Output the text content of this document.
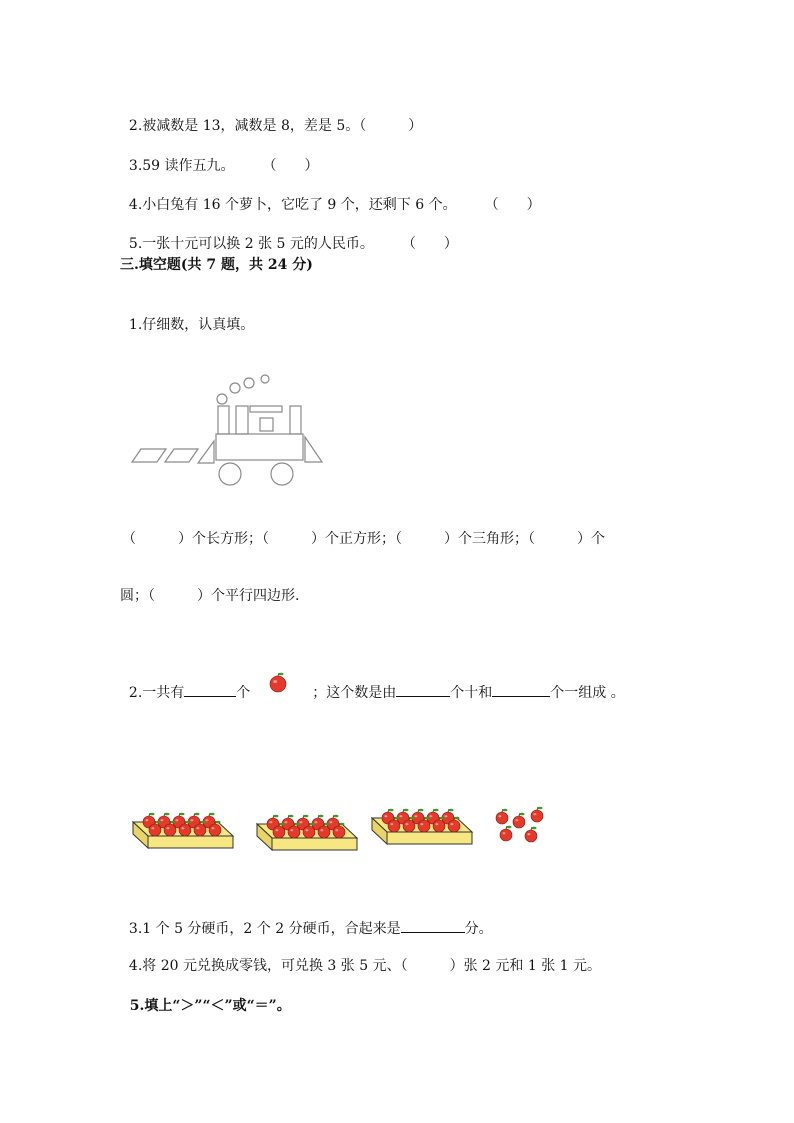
2.被减数是 13，减数是 8，差是 5。（　　　）

3.59 读作五九。　　　（　　）

4.小白兔有 16 个萝卜，它吃了 9 个，还剩下 6 个。　　　（　　）

5.一张十元可以换 2 张 5 元的人民币。　　　（　　）

三.填空题(共 7 题，共 24 分)

1.仔细数，认真填。

（　　　）个长方形；（　　　）个正方形；（　　　）个三角形；（　　　）个
圆；（　　　）个平行四边形.

2.一共有	个	；这个数是由	个十和	个一组成 。

3.1 个 5 分硬币，2 个 2 分硬币，合起来是	分。

4.将 20 元兑换成零钱，可兑换 3 张 5 元、（　　　）张 2 元和 1 张 1 元。

5.填上“＞”“＜”或“＝”。
